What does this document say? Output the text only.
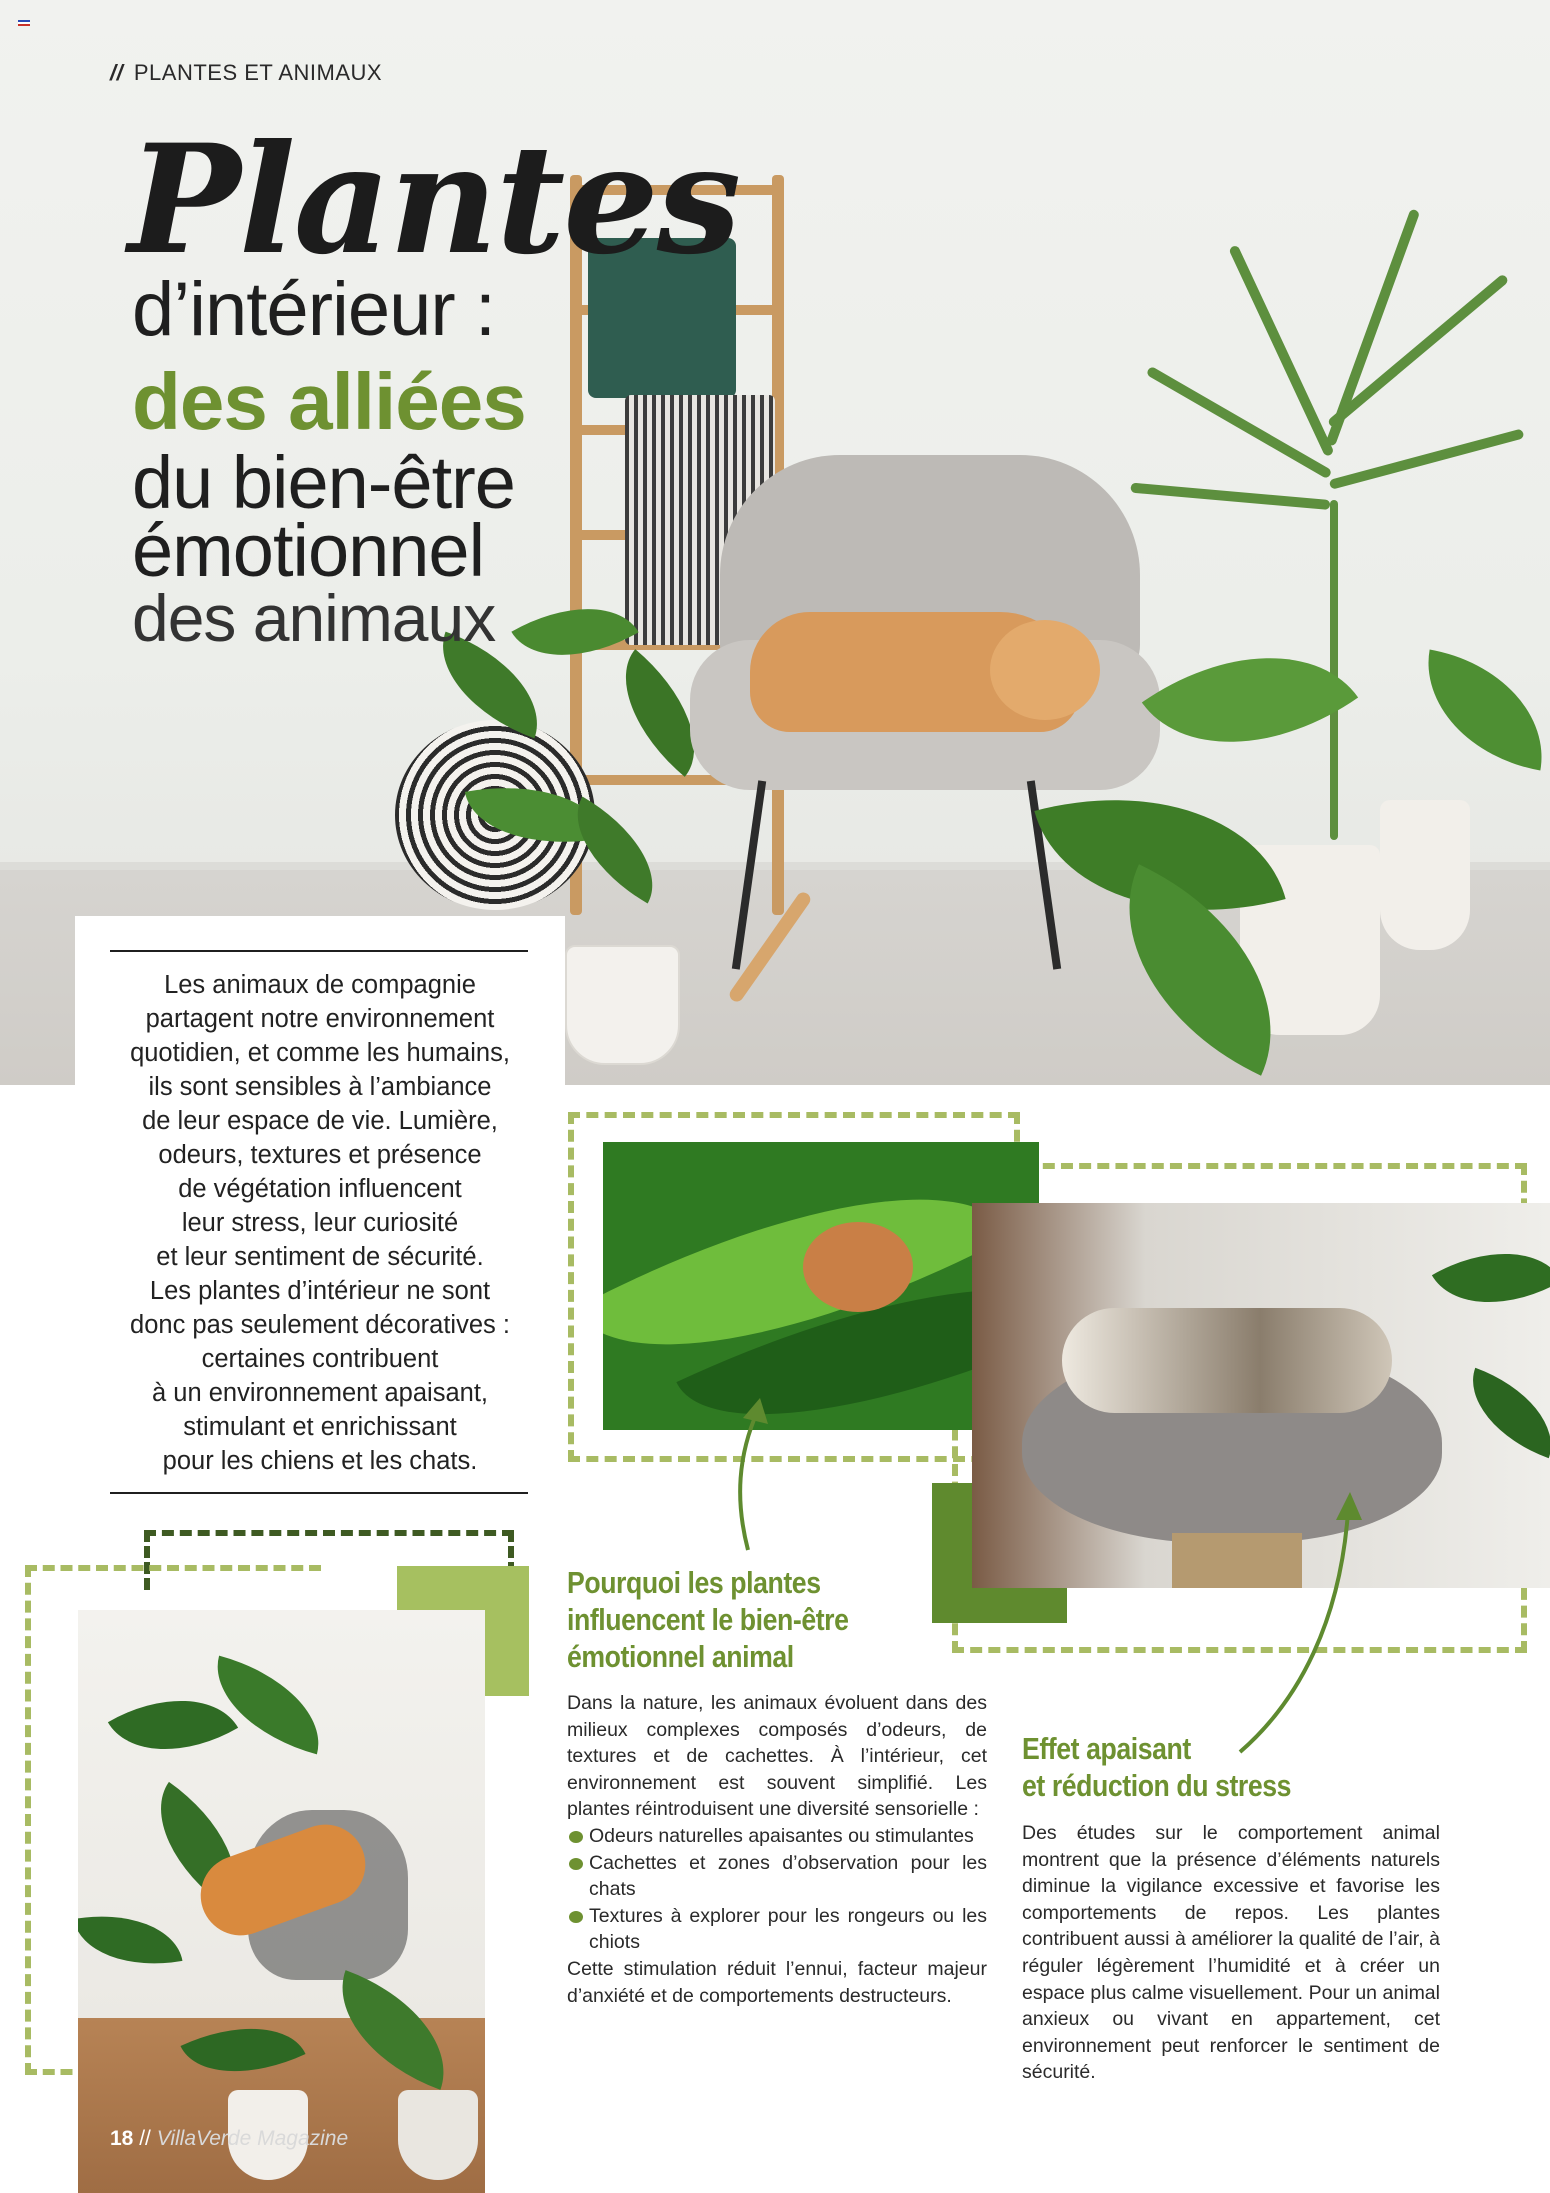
// PLANTES ET ANIMAUX
Plantes
d’intérieur :
des alliées
du bien-être
émotionnel
des animaux
Les animaux de compagnie
partagent notre environnement
quotidien, et comme les humains,
ils sont sensibles à l’ambiance
de leur espace de vie. Lumière,
odeurs, textures et présence
de végétation influencent
leur stress, leur curiosité
et leur sentiment de sécurité.
Les plantes d’intérieur ne sont
donc pas seulement décoratives :
certaines contribuent
à un environnement apaisant,
stimulant et enrichissant
pour les chiens et les chats.
Pourquoi les plantes
influencent le bien-être
émotionnel animal

Dans la nature, les animaux évoluent dans des milieux complexes composés d’odeurs, de textures et de cachettes. À l’intérieur, cet environnement est souvent simplifié. Les plantes réintroduisent une diversité sensorielle :

Odeurs naturelles apaisantes ou stimulantes
Cachettes et zones d’observation pour les chats
Textures à explorer pour les rongeurs ou les chiots

Cette stimulation réduit l’ennui, facteur majeur d’anxiété et de comportements destructeurs.

Effet apaisant
et réduction du stress

Des études sur le comportement animal montrent que la présence d’éléments naturels diminue la vigilance excessive et favorise les comportements de repos. Les plantes contribuent aussi à améliorer la qualité de l’air, à réguler légèrement l’humidité et à créer un espace plus calme visuellement. Pour un animal anxieux ou vivant en appartement, cet environnement peut renforcer le sentiment de sécurité.

18 // VillaVerde Magazine
